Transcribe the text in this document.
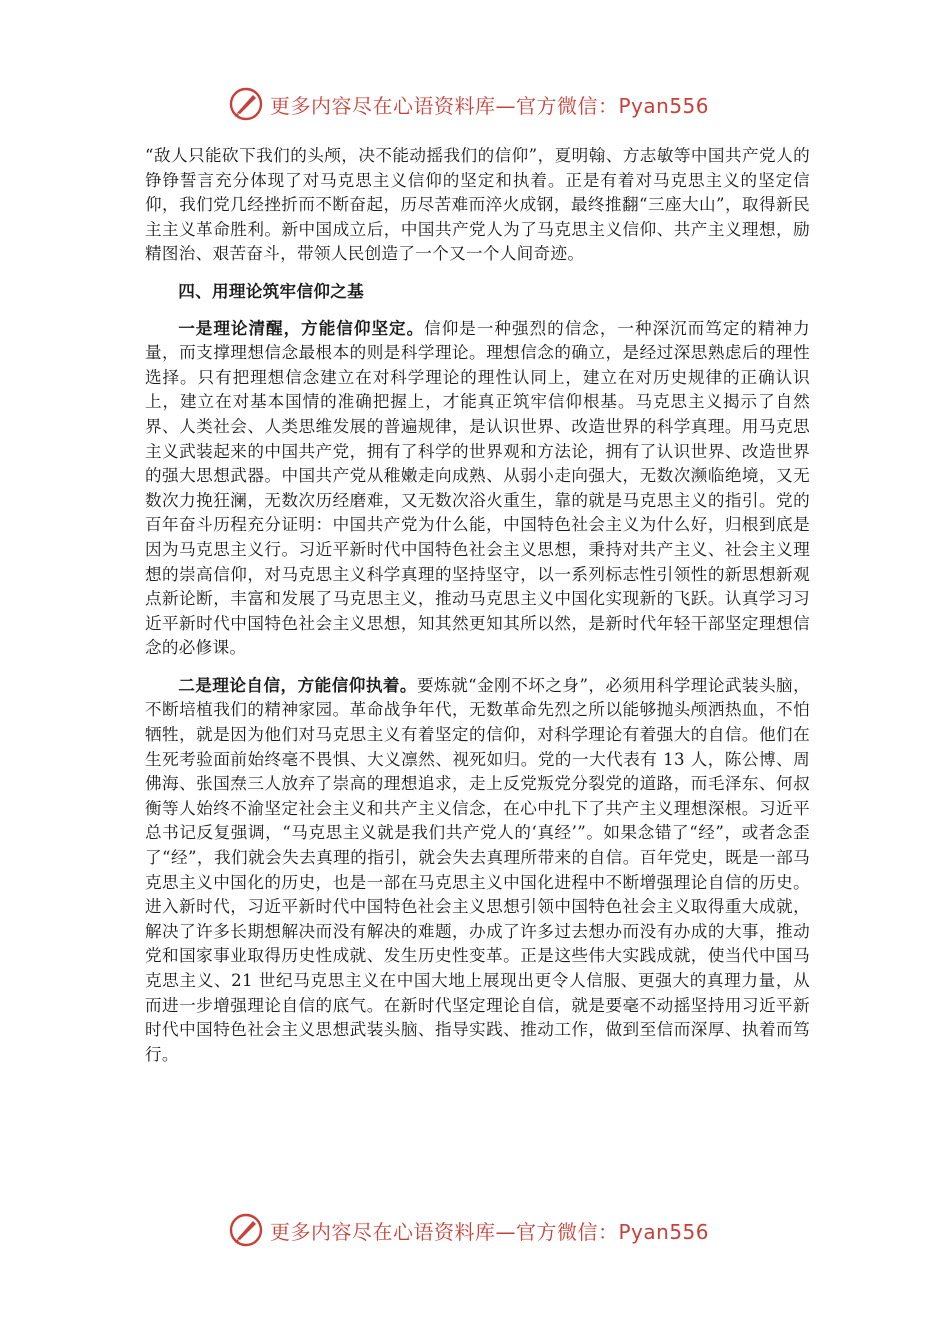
更多内容尽在心语资料库—官方微信：Pyan556

“敌人只能砍下我们的头颅，决不能动摇我们的信仰”，夏明翰、方志敏等中国共产党人的铮铮誓言充分体现了对马克思主义信仰的坚定和执着。正是有着对马克思主义的坚定信仰，我们党几经挫折而不断奋起，历尽苦难而淬火成钢，最终推翻“三座大山”，取得新民主主义革命胜利。新中国成立后，中国共产党人为了马克思主义信仰、共产主义理想，励精图治、艰苦奋斗，带领人民创造了一个又一个人间奇迹。

四、用理论筑牢信仰之基

一是理论清醒，方能信仰坚定。信仰是一种强烈的信念，一种深沉而笃定的精神力量，而支撑理想信念最根本的则是科学理论。理想信念的确立，是经过深思熟虑后的理性选择。只有把理想信念建立在对科学理论的理性认同上，建立在对历史规律的正确认识上，建立在对基本国情的准确把握上，才能真正筑牢信仰根基。马克思主义揭示了自然界、人类社会、人类思维发展的普遍规律，是认识世界、改造世界的科学真理。用马克思主义武装起来的中国共产党，拥有了科学的世界观和方法论，拥有了认识世界、改造世界的强大思想武器。中国共产党从稚嫩走向成熟、从弱小走向强大，无数次濒临绝境，又无数次力挽狂澜，无数次历经磨难，又无数次浴火重生，靠的就是马克思主义的指引。党的百年奋斗历程充分证明：中国共产党为什么能，中国特色社会主义为什么好，归根到底是因为马克思主义行。习近平新时代中国特色社会主义思想，秉持对共产主义、社会主义理想的崇高信仰，对马克思主义科学真理的坚持坚守，以一系列标志性引领性的新思想新观点新论断，丰富和发展了马克思主义，推动马克思主义中国化实现新的飞跃。认真学习习近平新时代中国特色社会主义思想，知其然更知其所以然，是新时代年轻干部坚定理想信念的必修课。

二是理论自信，方能信仰执着。要炼就“金刚不坏之身”，必须用科学理论武装头脑，不断培植我们的精神家园。革命战争年代，无数革命先烈之所以能够抛头颅洒热血，不怕牺牲，就是因为他们对马克思主义有着坚定的信仰，对科学理论有着强大的自信。他们在生死考验面前始终毫不畏惧、大义凛然、视死如归。党的一大代表有 13 人，陈公博、周佛海、张国焘三人放弃了崇高的理想追求，走上反党叛党分裂党的道路，而毛泽东、何叔衡等人始终不渝坚定社会主义和共产主义信念，在心中扎下了共产主义理想深根。习近平总书记反复强调，“马克思主义就是我们共产党人的‘真经’”。如果念错了“经”，或者念歪了“经”，我们就会失去真理的指引，就会失去真理所带来的自信。百年党史，既是一部马克思主义中国化的历史，也是一部在马克思主义中国化进程中不断增强理论自信的历史。进入新时代，习近平新时代中国特色社会主义思想引领中国特色社会主义取得重大成就，解决了许多长期想解决而没有解决的难题，办成了许多过去想办而没有办成的大事，推动党和国家事业取得历史性成就、发生历史性变革。正是这些伟大实践成就，使当代中国马克思主义、21 世纪马克思主义在中国大地上展现出更令人信服、更强大的真理力量，从而进一步增强理论自信的底气。在新时代坚定理论自信，就是要毫不动摇坚持用习近平新时代中国特色社会主义思想武装头脑、指导实践、推动工作，做到至信而深厚、执着而笃行。

更多内容尽在心语资料库—官方微信：Pyan556
